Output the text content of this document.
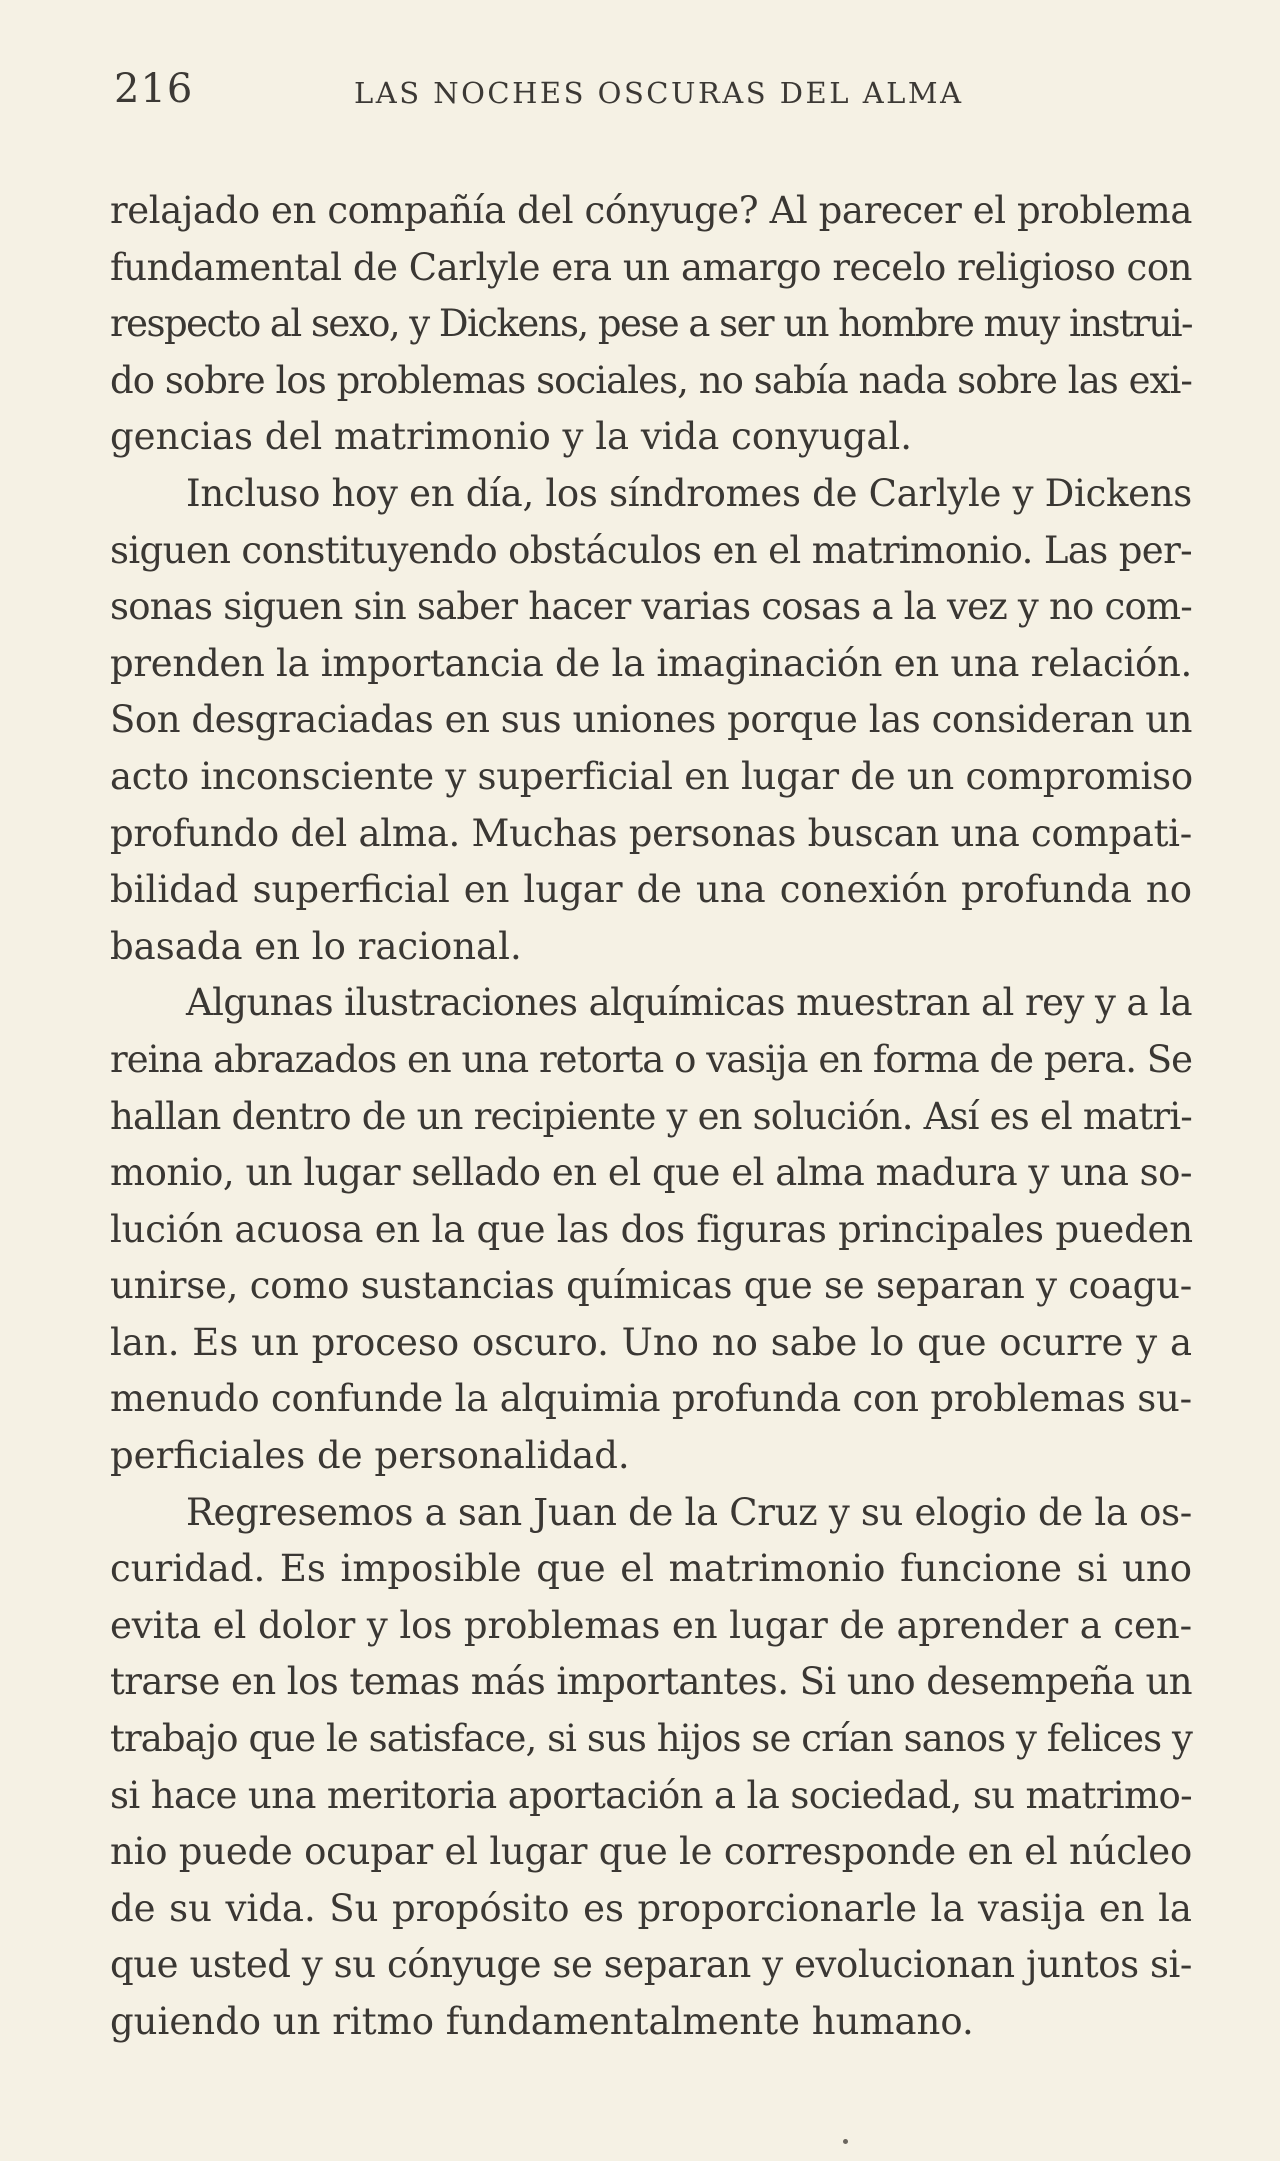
216	LAS NOCHES OSCURAS DEL ALMA
relajado en compañía del cónyuge? Al parecer el problema
fundamental de Carlyle era un amargo recelo religioso con
respecto al sexo, y Dickens, pese a ser un hombre muy instrui-
do sobre los problemas sociales, no sabía nada sobre las exi-
gencias del matrimonio y la vida conyugal.
Incluso hoy en día, los síndromes de Carlyle y Dickens
siguen constituyendo obstáculos en el matrimonio. Las per-
sonas siguen sin saber hacer varias cosas a la vez y no com-
prenden la importancia de la imaginación en una relación.
Son desgraciadas en sus uniones porque las consideran un
acto inconsciente y superficial en lugar de un compromiso
profundo del alma. Muchas personas buscan una compati-
bilidad superficial en lugar de una conexión profunda no
basada en lo racional.
Algunas ilustraciones alquímicas muestran al rey y a la
reina abrazados en una retorta o vasija en forma de pera. Se
hallan dentro de un recipiente y en solución. Así es el matri-
monio, un lugar sellado en el que el alma madura y una so-
lución acuosa en la que las dos figuras principales pueden
unirse, como sustancias químicas que se separan y coagu-
lan. Es un proceso oscuro. Uno no sabe lo que ocurre y a
menudo confunde la alquimia profunda con problemas su-
perficiales de personalidad.
Regresemos a san Juan de la Cruz y su elogio de la os-
curidad. Es imposible que el matrimonio funcione si uno
evita el dolor y los problemas en lugar de aprender a cen-
trarse en los temas más importantes. Si uno desempeña un
trabajo que le satisface, si sus hijos se crían sanos y felices y
si hace una meritoria aportación a la sociedad, su matrimo-
nio puede ocupar el lugar que le corresponde en el núcleo
de su vida. Su propósito es proporcionarle la vasija en la
que usted y su cónyuge se separan y evolucionan juntos si-
guiendo un ritmo fundamentalmente humano.
